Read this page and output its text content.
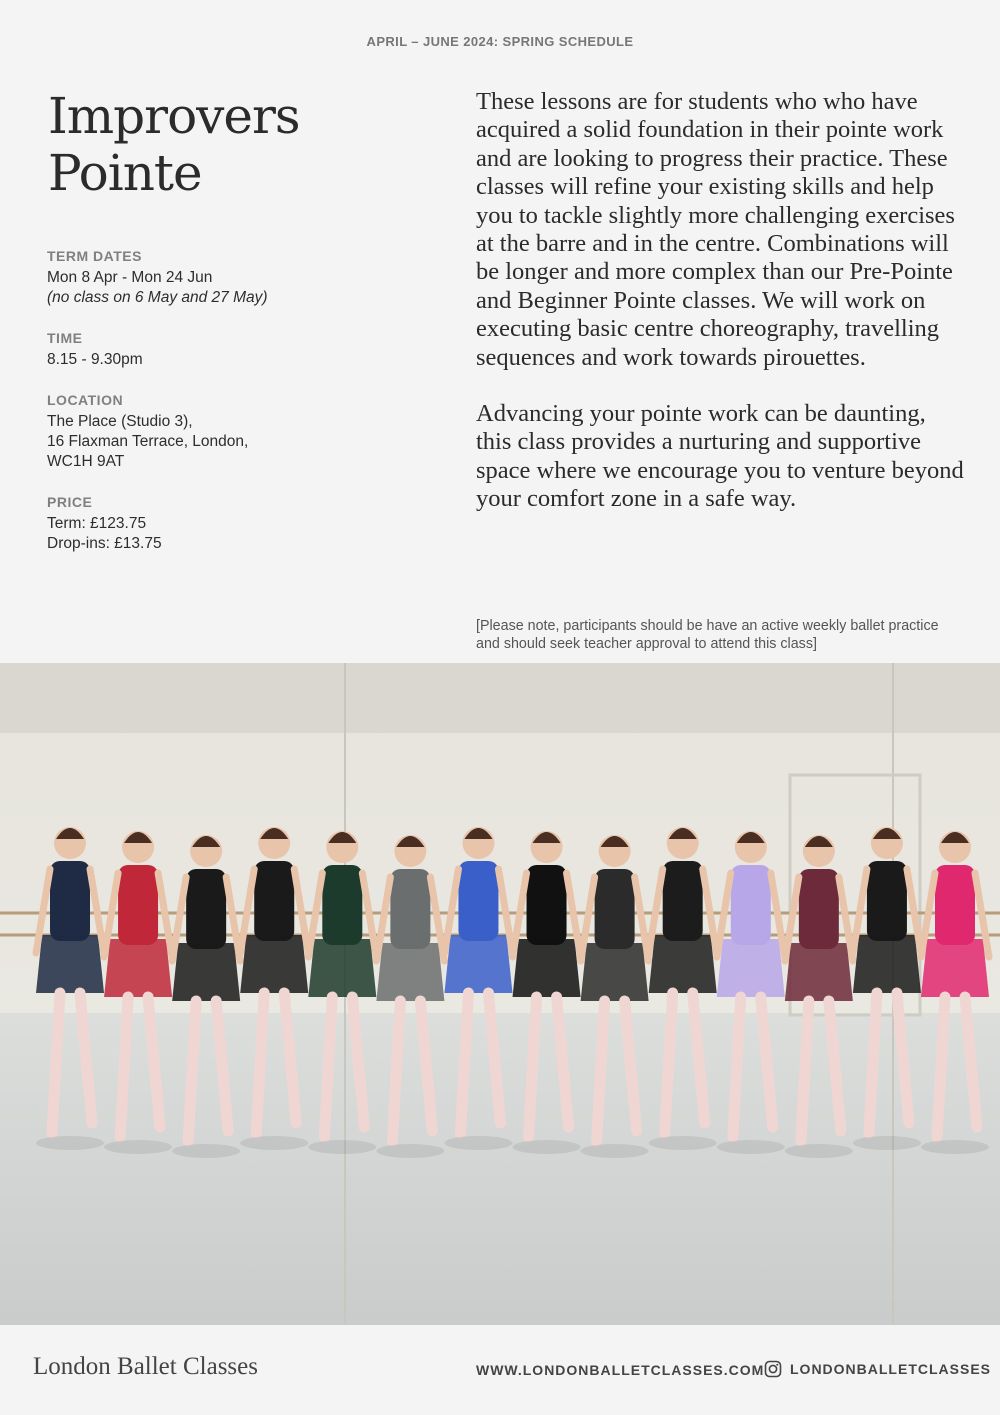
APRIL – JUNE 2024: SPRING SCHEDULE
Improvers
Pointe
TERM DATES
Mon 8 Apr - Mon 24 Jun
(no class on 6 May and 27 May)
TIME
8.15 - 9.30pm
LOCATION
The Place (Studio 3),
16 Flaxman Terrace, London,
WC1H 9AT
PRICE
Term: £123.75
Drop-ins: £13.75

These lessons are for students who who have acquired a solid foundation in their pointe work and are looking to progress their practice. These classes will refine your existing skills and help you to tackle slightly more challenging exercises at the barre and in the centre. Combinations will be longer and more complex than our Pre-Pointe and Beginner Pointe classes. We will work on executing basic centre choreography, travelling sequences and work towards pirouettes.

Advancing your pointe work can be daunting, this class provides a nurturing and supportive space where we encourage you to venture beyond your comfort zone in a safe way.

[Please note, participants should be have an active weekly ballet practice and should seek teacher approval to attend this class]
London Ballet Classes	WWW.LONDONBALLETCLASSES.COM LONDONBALLETCLASSES
